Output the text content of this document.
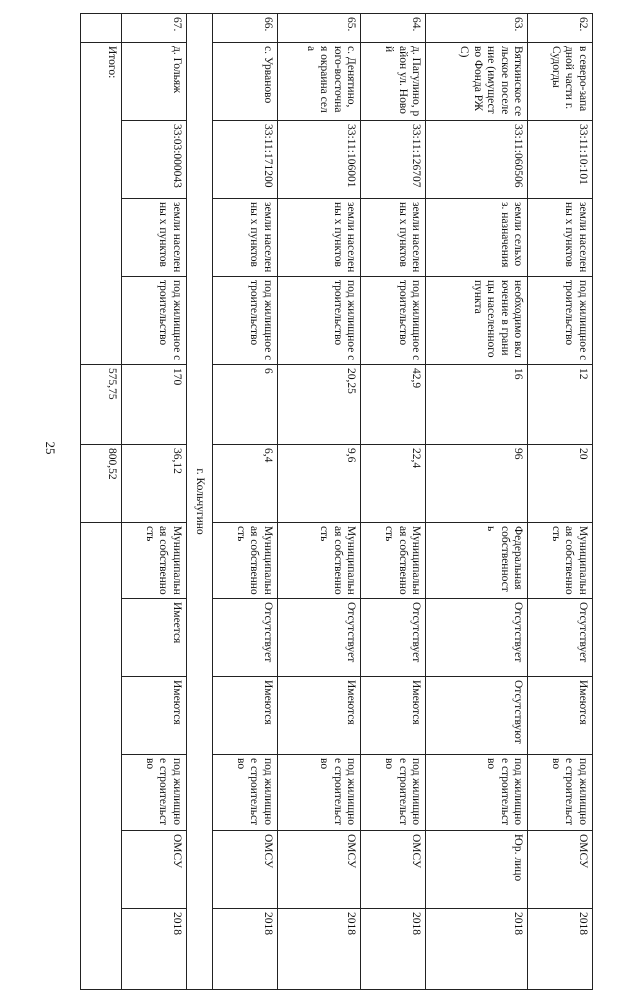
25
62.	в северо-западной части г. Судогды	33:11:10:101	земли населенны х пунктов	под жилищное строительство	12	20	Муниципальная собственность	Отсутствует	Имеются	под жилищное строительство	ОМСУ	2018
63.	Вяткинское сельское поселение (имущество Фонда РЖС)	33:11:060506	земли сельхоз. назначения	необходимо включение в границы населенного пункта	16	96	Федеральная собственность	Отсутствует	Отсутствуют	под жилищное строительство	Юр. лицо	2018
64.	д. Пагулино, район ул. Новой	33:11:126707	земли населенны х пунктов	под жилищное строительство	42,9	22,4	Муниципальная собственность	Отсутствует	Имеются	под жилищное строительство	ОМСУ	2018
65.	с. Денятино, юго-восточная окраина села	33:11:106001	земли населенны х пунктов	под жилищное строительство	20,25	9,6	Муниципальная собственность	Отсутствует	Имеются	под жилищное строительство	ОМСУ	2018
66.	с. Урвaново	33:11:171200	земли населенны х пунктов	под жилищное строительство	6	6,4	Муниципальная собственность	Отсутствует	Имеются	под жилищное строительство	ОМСУ	2018
г. Кольчугино												
67.	д. Гольяж	33:03:000043	земли населенны х пунктов	под жилищное строительство	170	36,12	Муниципальная собственность	Имеется	Имеются	под жилищное строительство	ОМСУ	2018
	Итого:				575,75	800,52						
